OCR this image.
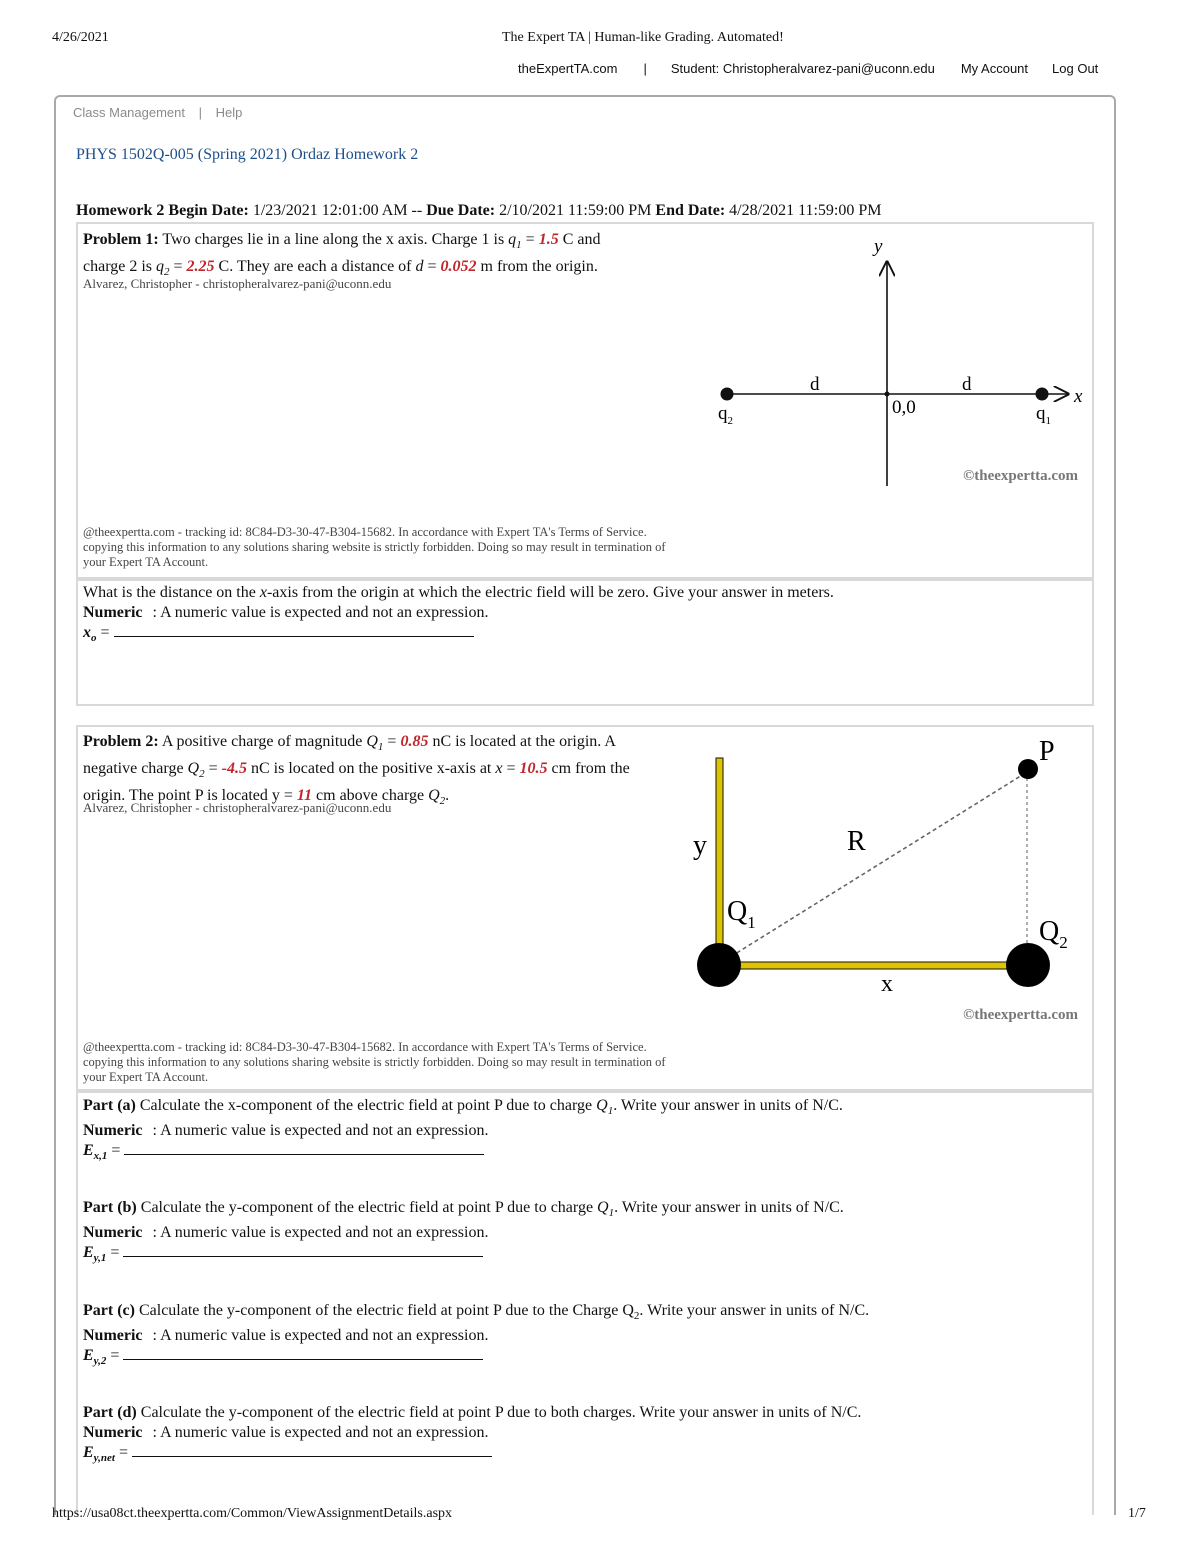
4/26/2021	The Expert TA | Human-like Grading. Automated!
theExpertTA.com | Student: Christopheralvarez-pani@uconn.edu My Account Log Out
Class Management | Help
PHYS 1502Q-005 (Spring 2021) Ordaz Homework 2
Homework 2 Begin Date: 1/23/2021 12:01:00 AM -- Due Date: 2/10/2021 11:59:00 PM End Date: 4/28/2021 11:59:00 PM
Problem 1: Two charges lie in a line along the x axis. Charge 1 is $q_1 = 1.5$ C and
charge 2 is $q_2 = 2.25$ C. They are each a distance of d = 0.052 m from the origin.
Alvarez, Christopher - christopheralvarez-pani@uconn.edu
y
x
d	d
0,0
$q_2$	$q_1$
©theexpertta.com
@theexpertta.com - tracking id: 8C84-D3-30-47-B304-15682. In accordance with Expert TA's Terms of Service. copying this information to any solutions sharing website is strictly forbidden. Doing so may result in termination of your Expert TA Account.
What is the distance on the x-axis from the origin at which the electric field will be zero. Give your answer in meters.
Numeric : A numeric value is expected and not an expression.
$x_o$ =
Problem 2: A positive charge of magnitude $Q_1 = 0.85$ nC is located at the origin. A
negative charge $Q_2 = -4.5$ nC is located on the positive x-axis at x = 10.5 cm from the
origin. The point P is located y = 11 cm above charge $Q_2$.
Alvarez, Christopher - christopheralvarez-pani@uconn.edu
P
y	R
$Q_1$	$Q_2$
x
©theexpertta.com
@theexpertta.com - tracking id: 8C84-D3-30-47-B304-15682. In accordance with Expert TA's Terms of Service. copying this information to any solutions sharing website is strictly forbidden. Doing so may result in termination of your Expert TA Account.
Part (a) Calculate the x-component of the electric field at point P due to charge $Q_1$. Write your answer in units of N/C.
Numeric : A numeric value is expected and not an expression.
$E_{x,1}$ =
Part (b) Calculate the y-component of the electric field at point P due to charge $Q_1$. Write your answer in units of N/C.
Numeric : A numeric value is expected and not an expression.
$E_{y,1}$ =
Part (c) Calculate the y-component of the electric field at point P due to the Charge $Q_2$. Write your answer in units of N/C.
Numeric : A numeric value is expected and not an expression.
$E_{y,2}$ =
Part (d) Calculate the y-component of the electric field at point P due to both charges. Write your answer in units of N/C.
Numeric : A numeric value is expected and not an expression.
$E_{y,net}$ =
https://usa08ct.theexpertta.com/Common/ViewAssignmentDetails.aspx	1/7
